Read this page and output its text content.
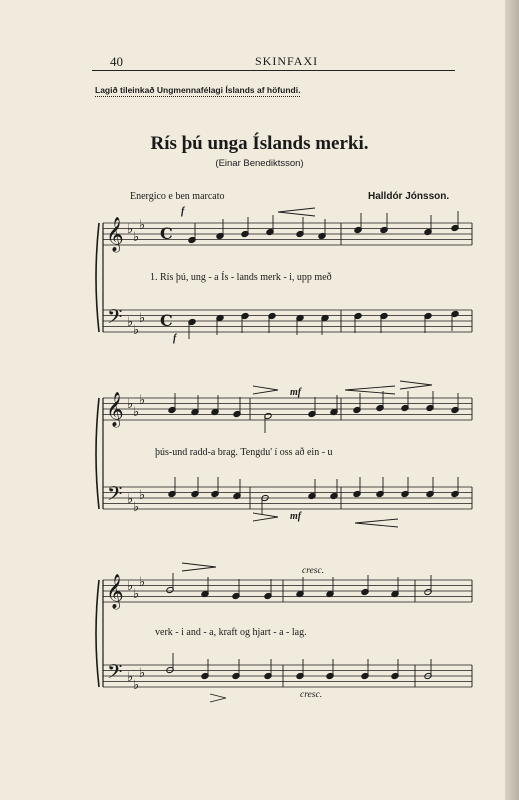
40	SKINFAXI
Lagið tileinkað Ungmennafélagi Íslands af höfundi.
Rís þú unga Íslands merki.
(Einar Benediktsson)
Energico e ben marcato	Halldór Jónsson.
𝄞
𝄢
♭
♭
♭
♭
♭
♭
C
C
𝄞
𝄢
♭
♭
♭
♭
♭
♭
𝄞
𝄢
♭
♭
♭
♭
♭
♭
f
f
mf
mf
cresc.
cresc.
1. Rís þú, ung - a Ís - lands merk - i, upp með
þús-und radd-a brag. Tengdu' í oss að ein - u
verk - i and - a, kraft og hjart - a - lag.
